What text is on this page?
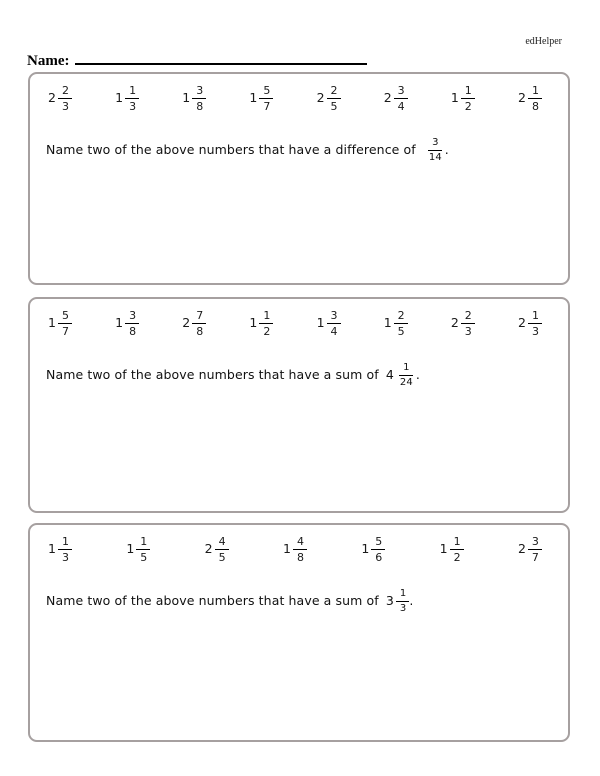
edHelper
Name:
$2 \frac{2}{3}$	$1 \frac{1}{3}$	$1 \frac{3}{8}$	$1 \frac{5}{7}$	$2 \frac{2}{5}$	$2 \frac{3}{4}$	$1 \frac{1}{2}$	$2 \frac{1}{8}$
Name two of the above numbers that have a difference of $\frac{3}{14}$ .
$1 \frac{5}{7}$	$1 \frac{3}{8}$	$2 \frac{7}{8}$	$1 \frac{1}{2}$	$1 \frac{3}{4}$	$1 \frac{2}{5}$	$2 \frac{2}{3}$	$2 \frac{1}{3}$
Name two of the above numbers that have a sum of $4 \frac{1}{24}$ .
$1 \frac{1}{3}$	$1 \frac{1}{5}$	$2 \frac{4}{5}$	$1 \frac{4}{8}$	$1 \frac{5}{6}$	$1 \frac{1}{2}$	$2 \frac{3}{7}$
Name two of the above numbers that have a sum of $3 \frac{1}{3}$ .
